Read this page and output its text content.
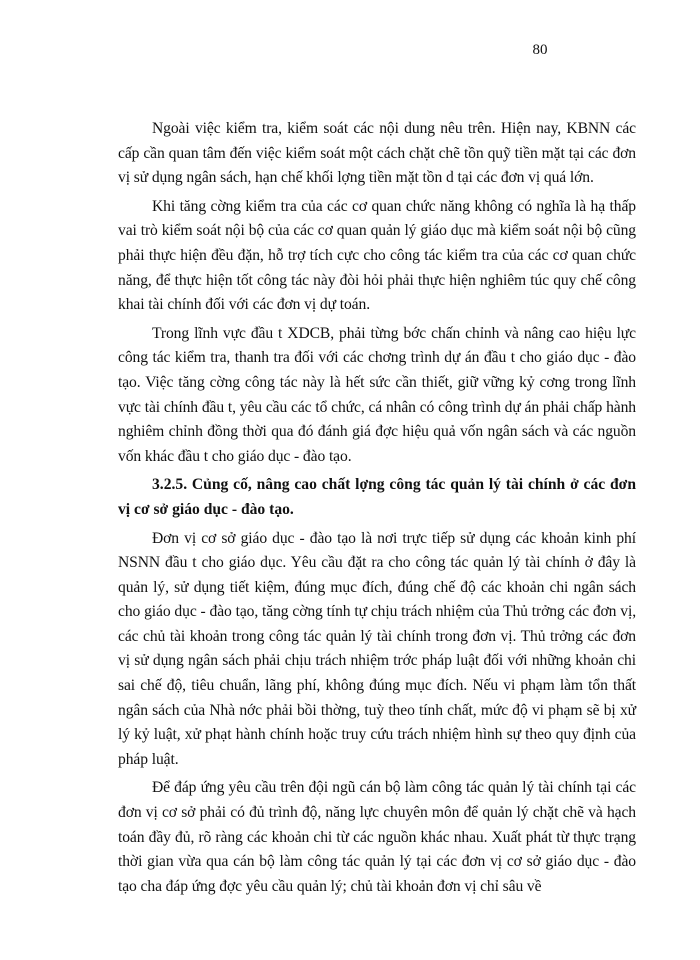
80

Ngoài việc kiểm tra, kiểm soát các nội dung nêu trên. Hiện nay, KBNN các cấp cần quan tâm đến việc kiểm soát một cách chặt chẽ tồn quỹ tiền mặt tại các đơn vị sử dụng ngân sách, hạn chế khối lợng tiền mặt tồn d tại các đơn vị quá lớn.

Khi tăng cờng kiểm tra của các cơ quan chức năng không có nghĩa là hạ thấp vai trò kiểm soát nội bộ của các cơ quan quản lý giáo dục mà kiểm soát nội bộ cũng phải thực hiện đều đặn, hỗ trợ tích cực cho công tác kiểm tra của các cơ quan chức năng, để thực hiện tốt công tác này đòi hỏi phải thực hiện nghiêm túc quy chế công khai tài chính đối với các đơn vị dự toán.

Trong lĩnh vực đầu t XDCB, phải từng bớc chấn chỉnh và nâng cao hiệu lực công tác kiểm tra, thanh tra đối với các chơng trình dự án đầu t cho giáo dục - đào tạo. Việc tăng cờng công tác này là hết sức cần thiết, giữ vững kỷ cơng trong lĩnh vực tài chính đầu t, yêu cầu các tổ chức, cá nhân có công trình dự án phải chấp hành nghiêm chỉnh đồng thời qua đó đánh giá đợc hiệu quả vốn ngân sách và các nguồn vốn khác đầu t cho giáo dục - đào tạo.

3.2.5. Củng cố, nâng cao chất lợng công tác quản lý tài chính ở các đơn vị cơ sở giáo dục - đào tạo.

Đơn vị cơ sở giáo dục - đào tạo là nơi trực tiếp sử dụng các khoản kinh phí NSNN đầu t cho giáo dục. Yêu cầu đặt ra cho công tác quản lý tài chính ở đây là quản lý, sử dụng tiết kiệm, đúng mục đích, đúng chế độ các khoản chi ngân sách cho giáo dục - đào tạo, tăng cờng tính tự chịu trách nhiệm của Thủ trởng các đơn vị, các chủ tài khoản trong công tác quản lý tài chính trong đơn vị. Thủ trởng các đơn vị sử dụng ngân sách phải chịu trách nhiệm trớc pháp luật đối với những khoản chi sai chế độ, tiêu chuẩn, lãng phí, không đúng mục đích. Nếu vi phạm làm tổn thất ngân sách của Nhà nớc phải bồi thờng, tuỳ theo tính chất, mức độ vi phạm sẽ bị xử lý kỷ luật, xử phạt hành chính hoặc truy cứu trách nhiệm hình sự theo quy định của pháp luật.

Để đáp ứng yêu cầu trên đội ngũ cán bộ làm công tác quản lý tài chính tại các đơn vị cơ sở phải có đủ trình độ, năng lực chuyên môn để quản lý chặt chẽ và hạch toán đầy đủ, rõ ràng các khoản chi từ các nguồn khác nhau. Xuất phát từ thực trạng thời gian vừa qua cán bộ làm công tác quản lý tại các đơn vị cơ sở giáo dục - đào tạo cha đáp ứng đợc yêu cầu quản lý; chủ tài khoản đơn vị chỉ sâu về
